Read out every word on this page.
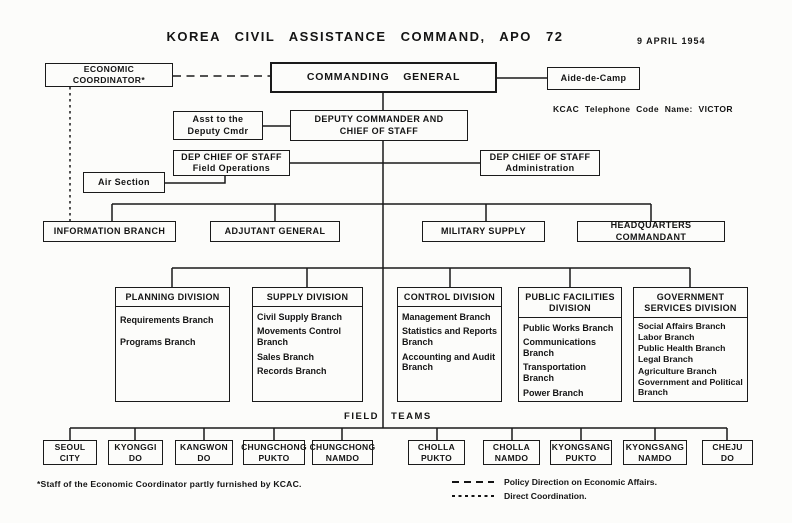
KOREA CIVIL ASSISTANCE COMMAND, APO 72	9 APRIL 1954
KCAC Telephone Code Name: VICTOR
ECONOMIC COORDINATOR*	COMMANDING GENERAL	Aide-de-Camp
Asst to the
Deputy Cmdr
DEPUTY COMMANDER AND
CHIEF OF STAFF
DEP CHIEF OF STAFF
Field Operations
DEP CHIEF OF STAFF
Administration
Air Section
INFORMATION BRANCH	ADJUTANT GENERAL	MILITARY SUPPLY
HEADQUARTERS COMMANDANT
PLANNING DIVISION
Requirements Branch
Programs Branch
SUPPLY DIVISION
Civil Supply Branch
Movements Control Branch
Sales Branch
Records Branch
CONTROL DIVISION
Management Branch
Statistics and Reports Branch
Accounting and Audit Branch
PUBLIC FACILITIES DIVISION
Public Works Branch
Communications Branch
Transportation Branch
Power Branch
GOVERNMENT SERVICES DIVISION
Social Affairs Branch
Labor Branch
Public Health Branch
Legal Branch
Agriculture Branch
Government and Political Branch
FIELD TEAMS
SEOUL
CITY
KYONGGI
DO
KANGWON
DO
CHUNGCHONG
PUKTO
CHUNGCHONG
NAMDO
CHOLLA
PUKTO
CHOLLA
NAMDO
KYONGSANG
PUKTO
KYONGSANG
NAMDO
CHEJU
DO
*Staff of the Economic Coordinator partly furnished by KCAC.	Policy Direction on Economic Affairs.
Direct Coordination.
